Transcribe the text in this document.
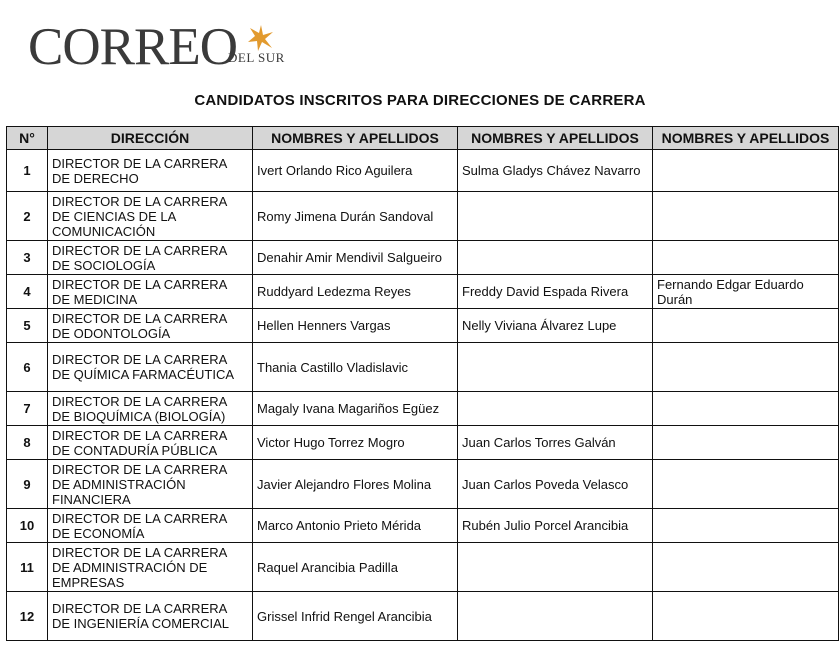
CORREO
DEL SUR
CANDIDATOS INSCRITOS PARA DIRECCIONES DE CARRERA
N°	DIRECCIÓN	NOMBRES Y APELLIDOS	NOMBRES Y APELLIDOS	NOMBRES Y APELLIDOS
1	DIRECTOR DE LA CARRERA DE DERECHO	Ivert Orlando Rico Aguilera	Sulma Gladys Chávez Navarro	
2	DIRECTOR DE LA CARRERA DE CIENCIAS DE LA COMUNICACIÓN	Romy Jimena Durán Sandoval		
3	DIRECTOR DE LA CARRERA DE SOCIOLOGÍA	Denahir Amir Mendivil Salgueiro		
4	DIRECTOR DE LA CARRERA DE MEDICINA	Ruddyard Ledezma Reyes	Freddy David Espada Rivera	Fernando Edgar Eduardo Durán
5	DIRECTOR DE LA CARRERA DE ODONTOLOGÍA	Hellen Henners Vargas	Nelly Viviana Álvarez Lupe	
6	DIRECTOR DE LA CARRERA DE QUÍMICA FARMACÉUTICA	Thania Castillo Vladislavic		
7	DIRECTOR DE LA CARRERA DE BIOQUÍMICA (BIOLOGÍA)	Magaly Ivana Magariños Egüez		
8	DIRECTOR DE LA CARRERA DE CONTADURÍA PÚBLICA	Victor Hugo Torrez Mogro	Juan Carlos Torres Galván	
9	DIRECTOR DE LA CARRERA DE ADMINISTRACIÓN FINANCIERA	Javier Alejandro Flores Molina	Juan Carlos Poveda Velasco	
10	DIRECTOR DE LA CARRERA DE ECONOMÍA	Marco Antonio Prieto Mérida	Rubén Julio Porcel Arancibia	
11	DIRECTOR DE LA CARRERA DE ADMINISTRACIÓN DE EMPRESAS	Raquel Arancibia Padilla		
12	DIRECTOR DE LA CARRERA DE INGENIERÍA COMERCIAL	Grissel Infrid Rengel Arancibia		
